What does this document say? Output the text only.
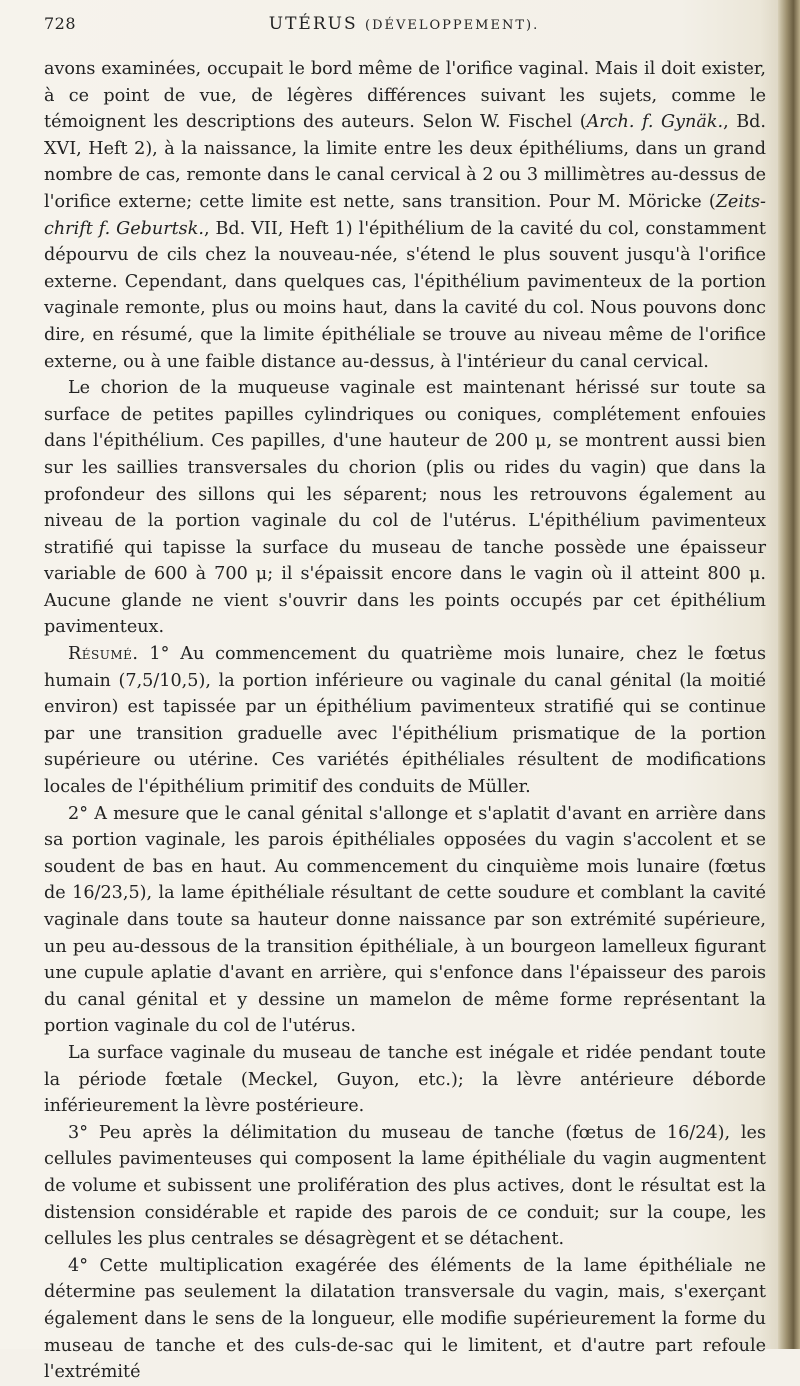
728	UTÉRUS (DÉVELOPPEMENT).

avons examinées, occupait le bord même de l'orifice vaginal. Mais il doit exister, à ce point de vue, de légères différences suivant les sujets, comme le témoignent les descriptions des auteurs. Selon W. Fischel (Arch. f. Gynäk., Bd. XVI, Heft 2), à la naissance, la limite entre les deux épithéliums, dans un grand nombre de cas, remonte dans le canal cervical à 2 ou 3 millimètres au-dessus de l'orifice externe; cette limite est nette, sans transition. Pour M. Möricke (Zeits-chrift f. Geburtsk., Bd. VII, Heft 1) l'épithélium de la cavité du col, constamment dépourvu de cils chez la nouveau-née, s'étend le plus souvent jusqu'à l'orifice externe. Cependant, dans quelques cas, l'épithélium pavimenteux de la portion vaginale remonte, plus ou moins haut, dans la cavité du col. Nous pouvons donc dire, en résumé, que la limite épithéliale se trouve au niveau même de l'orifice externe, ou à une faible distance au-dessus, à l'intérieur du canal cervical.

Le chorion de la muqueuse vaginale est maintenant hérissé sur toute sa surface de petites papilles cylindriques ou coniques, complétement enfouies dans l'épithélium. Ces papilles, d'une hauteur de 200 μ, se montrent aussi bien sur les saillies transversales du chorion (plis ou rides du vagin) que dans la profondeur des sillons qui les séparent; nous les retrouvons également au niveau de la portion vaginale du col de l'utérus. L'épithélium pavimenteux stratifié qui tapisse la surface du museau de tanche possède une épaisseur variable de 600 à 700 μ; il s'épaissit encore dans le vagin où il atteint 800 μ. Aucune glande ne vient s'ouvrir dans les points occupés par cet épithélium pavimenteux.

Résumé. 1° Au commencement du quatrième mois lunaire, chez le fœtus humain (7,5/10,5), la portion inférieure ou vaginale du canal génital (la moitié environ) est tapissée par un épithélium pavimenteux stratifié qui se continue par une transition graduelle avec l'épithélium prismatique de la portion supérieure ou utérine. Ces variétés épithéliales résultent de modifications locales de l'épithélium primitif des conduits de Müller.

2° A mesure que le canal génital s'allonge et s'aplatit d'avant en arrière dans sa portion vaginale, les parois épithéliales opposées du vagin s'accolent et se soudent de bas en haut. Au commencement du cinquième mois lunaire (fœtus de 16/23,5), la lame épithéliale résultant de cette soudure et comblant la cavité vaginale dans toute sa hauteur donne naissance par son extrémité supérieure, un peu au-dessous de la transition épithéliale, à un bourgeon lamelleux figurant une cupule aplatie d'avant en arrière, qui s'enfonce dans l'épaisseur des parois du canal génital et y dessine un mamelon de même forme représentant la portion vaginale du col de l'utérus.

La surface vaginale du museau de tanche est inégale et ridée pendant toute la période fœtale (Meckel, Guyon, etc.); la lèvre antérieure déborde inférieurement la lèvre postérieure.

3° Peu après la délimitation du museau de tanche (fœtus de 16/24), les cellules pavimenteuses qui composent la lame épithéliale du vagin augmentent de volume et subissent une prolifération des plus actives, dont le résultat est la distension considérable et rapide des parois de ce conduit; sur la coupe, les cellules les plus centrales se désagrègent et se détachent.

4° Cette multiplication exagérée des éléments de la lame épithéliale ne détermine pas seulement la dilatation transversale du vagin, mais, s'exerçant également dans le sens de la longueur, elle modifie supérieurement la forme du museau de tanche et des culs-de-sac qui le limitent, et d'autre part refoule l'extrémité
